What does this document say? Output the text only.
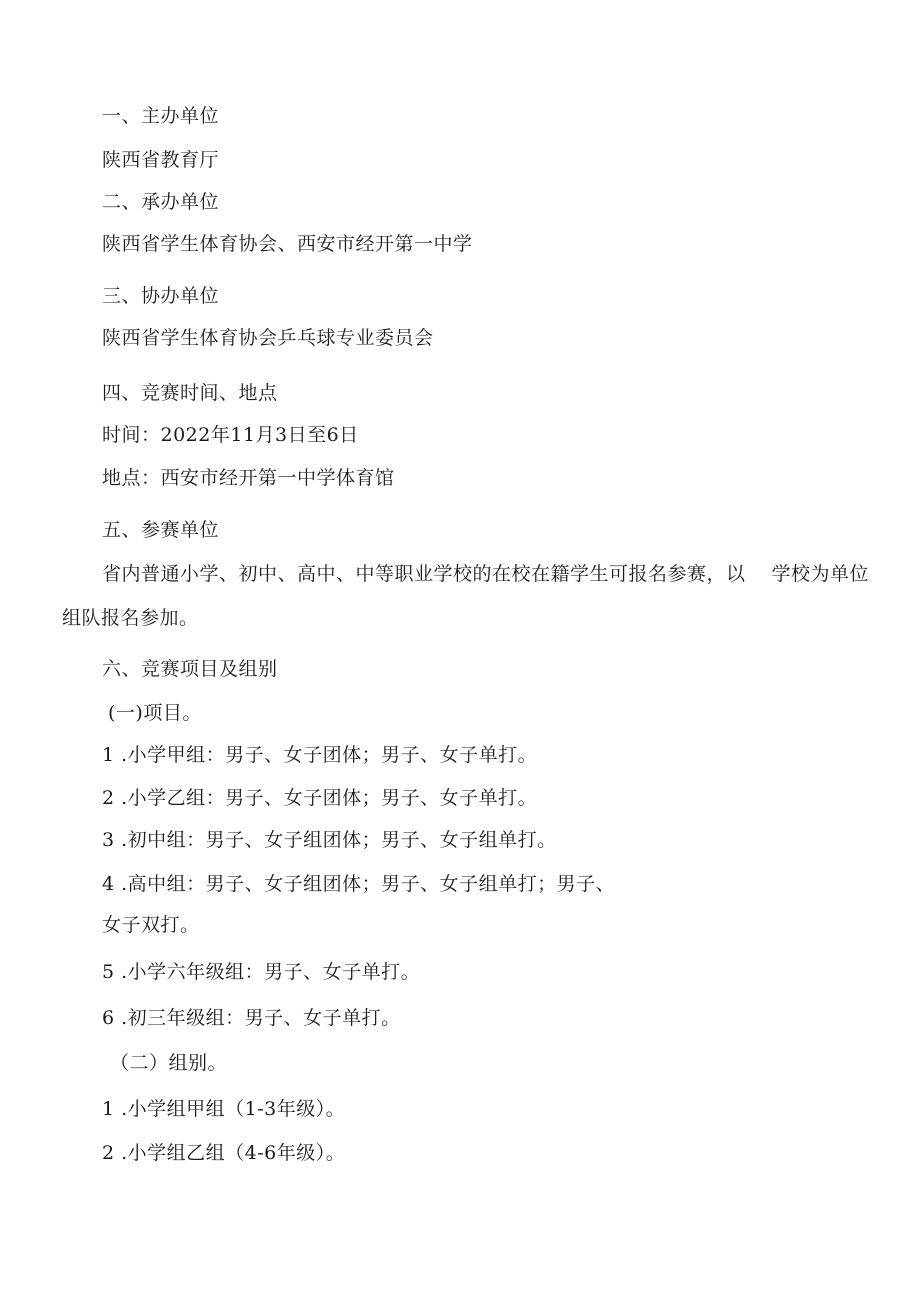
一、主办单位
陕西省教育厅
二、承办单位
陕西省学生体育协会、西安市经开第一中学
三、协办单位
陕西省学生体育协会乒乓球专业委员会
四、竞赛时间、地点
时间：2022年11月3日至6日
地点：西安市经开第一中学体育馆
五、参赛单位
省内普通小学、初中、高中、中等职业学校的在校在籍学生可报名参赛，以 学校为单位组队报名参加。
六、竞赛项目及组别
(一)项目。
1 .小学甲组：男子、女子团体；男子、女子单打。
2 .小学乙组：男子、女子团体；男子、女子单打。
3 .初中组：男子、女子组团体；男子、女子组单打。
4 .高中组：男子、女子组团体；男子、女子组单打；男子、
女子双打。
5 .小学六年级组：男子、女子单打。
6 .初三年级组：男子、女子单打。
（二）组别。
1 .小学组甲组（1-3年级）。
2 .小学组乙组（4-6年级）。
